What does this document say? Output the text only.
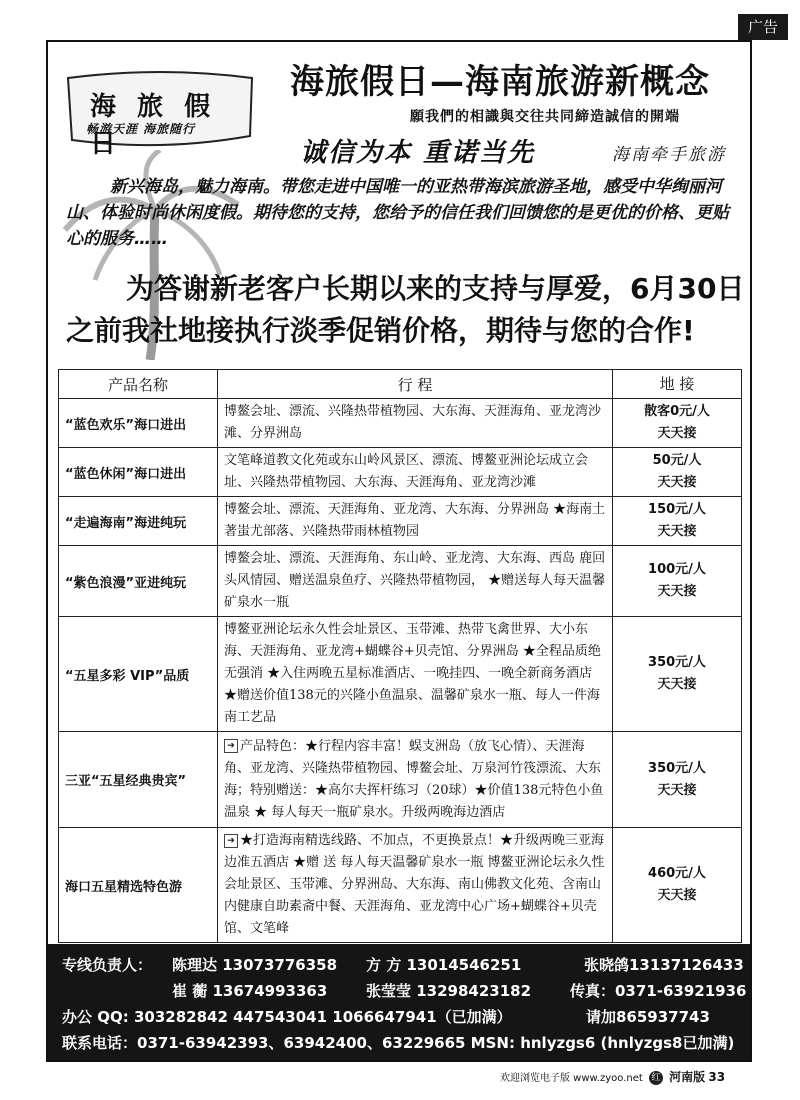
广告
海 旅 假 日
畅游天涯 海旅随行
海旅假日—海南旅游新概念
願我們的相識與交往共同締造誠信的開端
诚信为本 重诺当先	海南牵手旅游
新兴海岛，魅力海南。带您走进中国唯一的亚热带海滨旅游圣地，感受中华绚丽河山、体验时尚休闲度假。期待您的支持，您给予的信任我们回馈您的是更优的价格、更贴心的服务……
为答谢新老客户长期以来的支持与厚爱，6月30日之前我社地接执行淡季促销价格，期待与您的合作!
产品名称	行 程	地 接
“蓝色欢乐”海口进出	博鳌会址、漂流、兴隆热带植物园、大东海、天涯海角、亚龙湾沙滩、分界洲岛	散客0元/人
天天接

“蓝色休闲”海口进出	文笔峰道教文化苑或东山岭风景区、漂流、博鳌亚洲论坛成立会址、兴隆热带植物园、大东海、天涯海角、亚龙湾沙滩	50元/人
天天接

“走遍海南”海进纯玩	博鳌会址、漂流、天涯海角、亚龙湾、大东海、分界洲岛 ★海南土著蚩尤部落、兴隆热带雨林植物园	150元/人
天天接

“紫色浪漫”亚进纯玩	博鳌会址、漂流、天涯海角、东山岭、亚龙湾、大东海、西岛 鹿回头风情园、赠送温泉鱼疗、兴隆热带植物园， ★赠送每人每天温馨矿泉水一瓶	100元/人
天天接

“五星多彩 VIP”品质	博鳌亚洲论坛永久性会址景区、玉带滩、热带飞禽世界、大小东海、天涯海角、亚龙湾+蝴蝶谷+贝壳馆、分界洲岛 ★全程品质绝无强消 ★入住两晚五星标准酒店、一晚挂四、一晚全新商务酒店 ★赠送价值138元的兴隆小鱼温泉、温馨矿泉水一瓶、每人一件海南工艺品	350元/人
天天接

三亚“五星经典贵宾”	➔ 产品特色：★行程内容丰富！蜈支洲岛（放飞心情）、天涯海角、亚龙湾、兴隆热带植物园、博鳌会址、万泉河竹筏漂流、大东海；特别赠送：★高尔夫挥杆练习（20球）★价值138元特色小鱼温泉 ★ 每人每天一瓶矿泉水。升级两晚海边酒店	350元/人
天天接

海口五星精选特色游	➔ ★打造海南精选线路、不加点，不更换景点！★升级两晚三亚海边准五酒店 ★赠 送 每人每天温馨矿泉水一瓶 博鳌亚洲论坛永久性会址景区、玉带滩、分界洲岛、大东海、南山佛教文化苑、含南山内健康自助素斋中餐、天涯海角、亚龙湾中心广场+蝴蝶谷+贝壳馆、文笔峰	460元/人
天天接
专线负责人： 陈理达 13073776358 方 方 13014546251	张晓鸽13137126433
崔 蘅 13674993363	张莹莹 13298423182	传真：0371-63921936
办公 QQ: 303282842 447543041 1066647941（已加满）	请加865937743
联系电话：0371-63942393、63942400、63229665 MSN: hnlyzgs6 (hnlyzgs8已加满)
欢迎浏览电子版 www.zyoo.net 红 河南版 33
